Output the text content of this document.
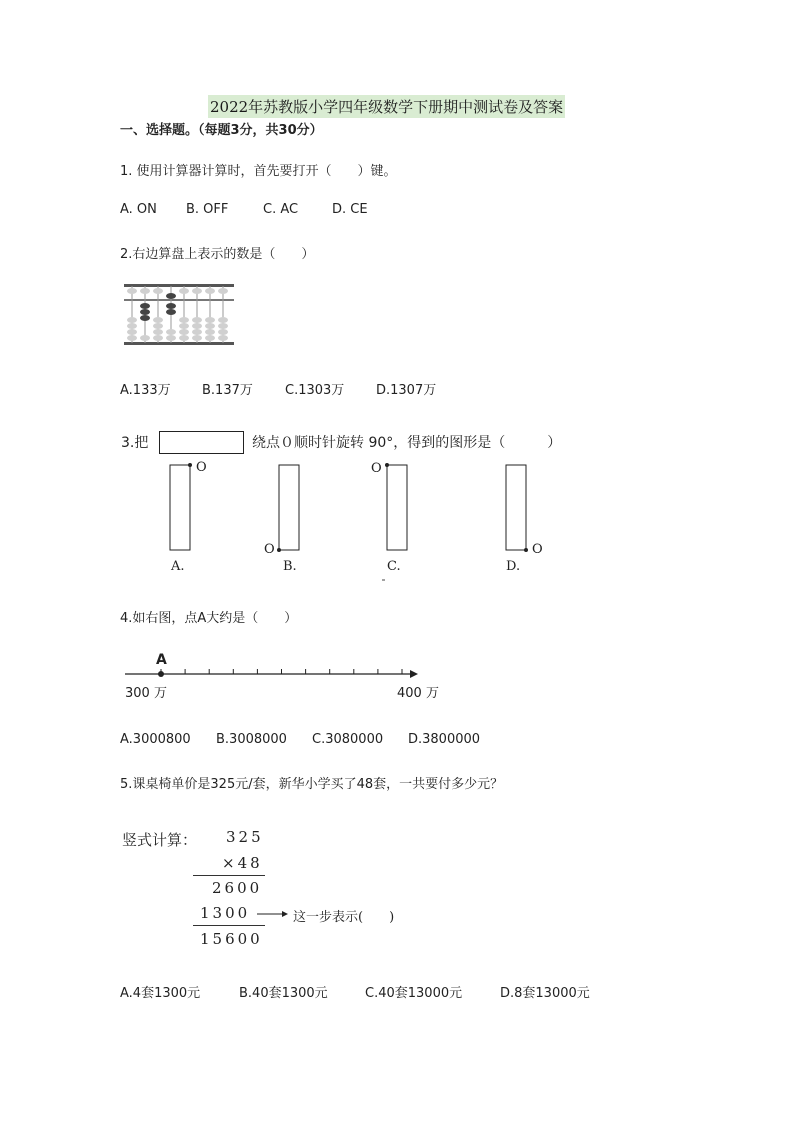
2022年苏教版小学四年级数学下册期中测试卷及答案
一、选择题。（每题3分，共30分）
1. 使用计算器计算时，首先要打开（　　）键。
A. ON B. OFF	C. AC	D. CE
2.右边算盘上表示的数是（　　）
A.133万 B.137万 C.1303万 D.1307万
3.把	绕点０顺时针旋转 90°，得到的图形是（　　　）
O
O
O
O
A.	B.	C.	D.
4.如右图，点A大约是（　　）
A
300 万	400 万
A.3000800 B.3008000 C.3080000 D.3800000
5.课桌椅单价是325元/套，新华小学买了48套，一共要付多少元？
竖式计算： 325
×48
2600
1300
15600
这一步表示(　　)
A.4套1300元	B.40套1300元	C.40套13000元	D.8套13000元
